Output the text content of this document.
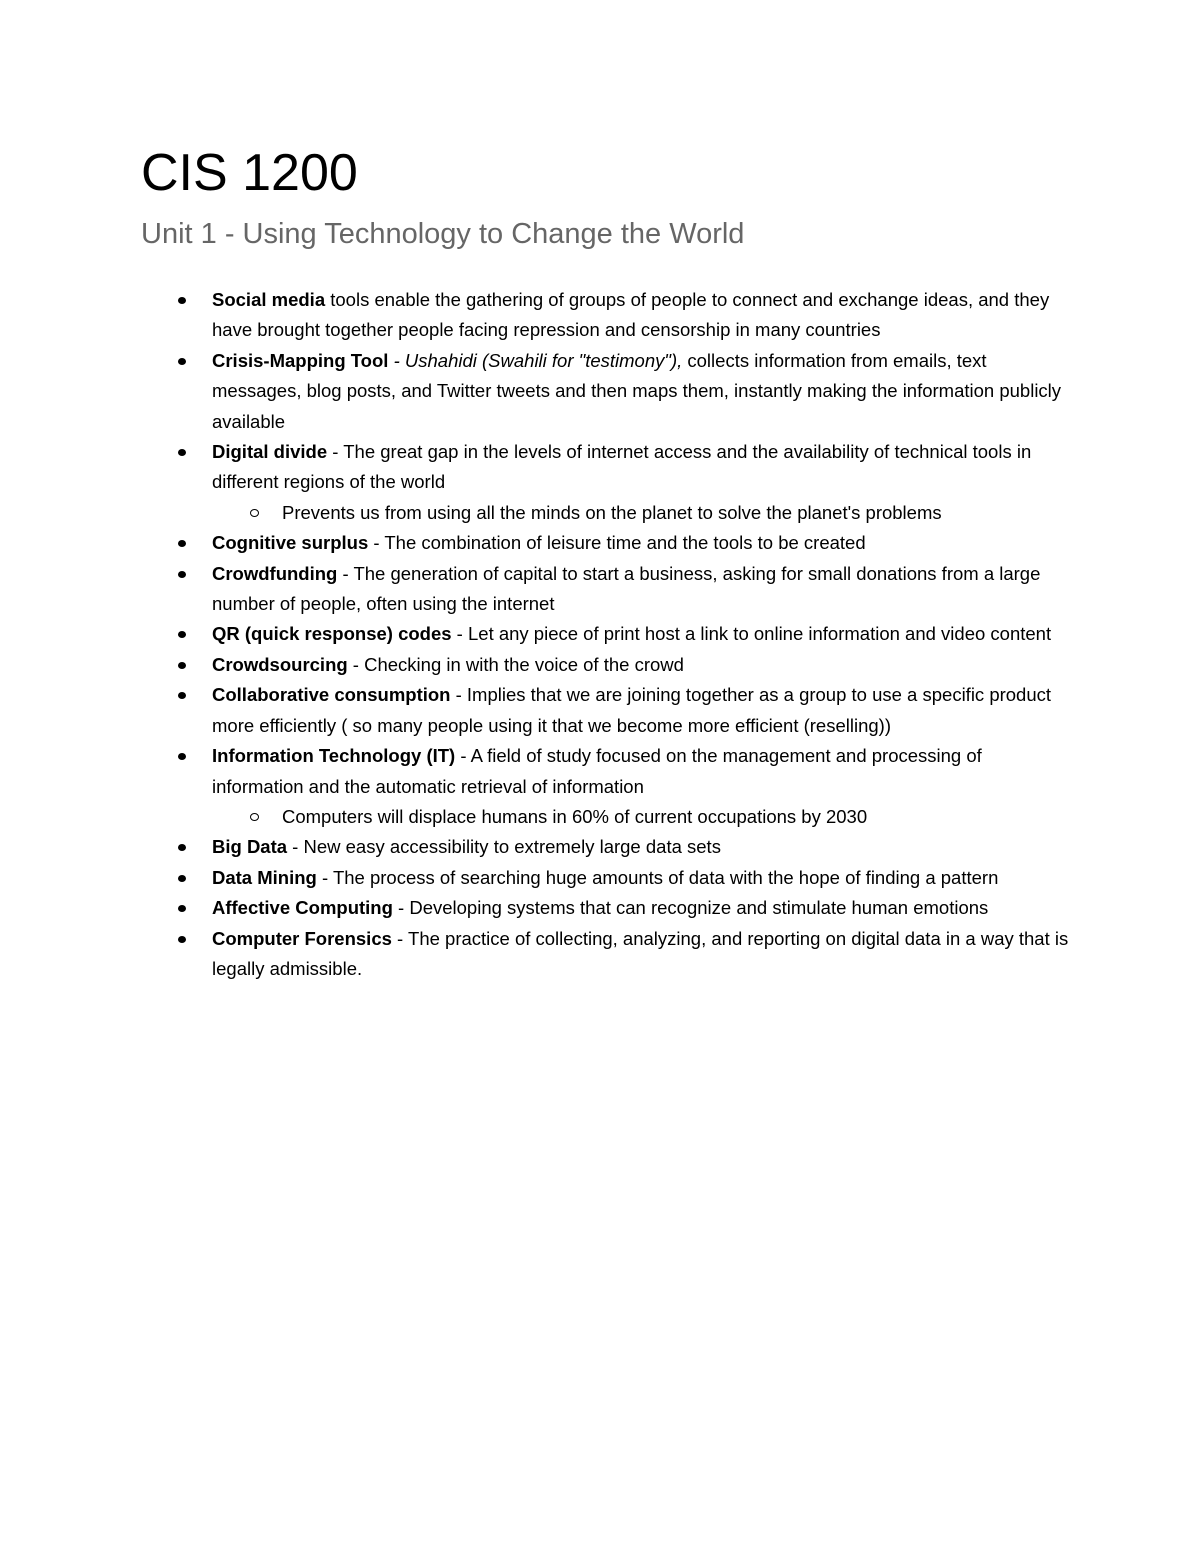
CIS 1200
Unit 1 - Using Technology to Change the World
Social media tools enable the gathering of groups of people to connect and exchange ideas, and they have brought together people facing repression and censorship in many countries
Crisis-Mapping Tool - Ushahidi (Swahili for "testimony"), collects information from emails, text messages, blog posts, and Twitter tweets and then maps them, instantly making the information publicly available
Digital divide - The great gap in the levels of internet access and the availability of technical tools in different regions of the world
Prevents us from using all the minds on the planet to solve the planet's problems
Cognitive surplus - The combination of leisure time and the tools to be created
Crowdfunding - The generation of capital to start a business, asking for small donations from a large number of people, often using the internet
QR (quick response) codes - Let any piece of print host a link to online information and video content
Crowdsourcing - Checking in with the voice of the crowd
Collaborative consumption - Implies that we are joining together as a group to use a specific product more efficiently ( so many people using it that we become more efficient (reselling))
Information Technology (IT) - A field of study focused on the management and processing of information and the automatic retrieval of information
Computers will displace humans in 60% of current occupations by 2030
Big Data - New easy accessibility to extremely large data sets
Data Mining - The process of searching huge amounts of data with the hope of finding a pattern
Affective Computing - Developing systems that can recognize and stimulate human emotions
Computer Forensics - The practice of collecting, analyzing, and reporting on digital data in a way that is legally admissible.
